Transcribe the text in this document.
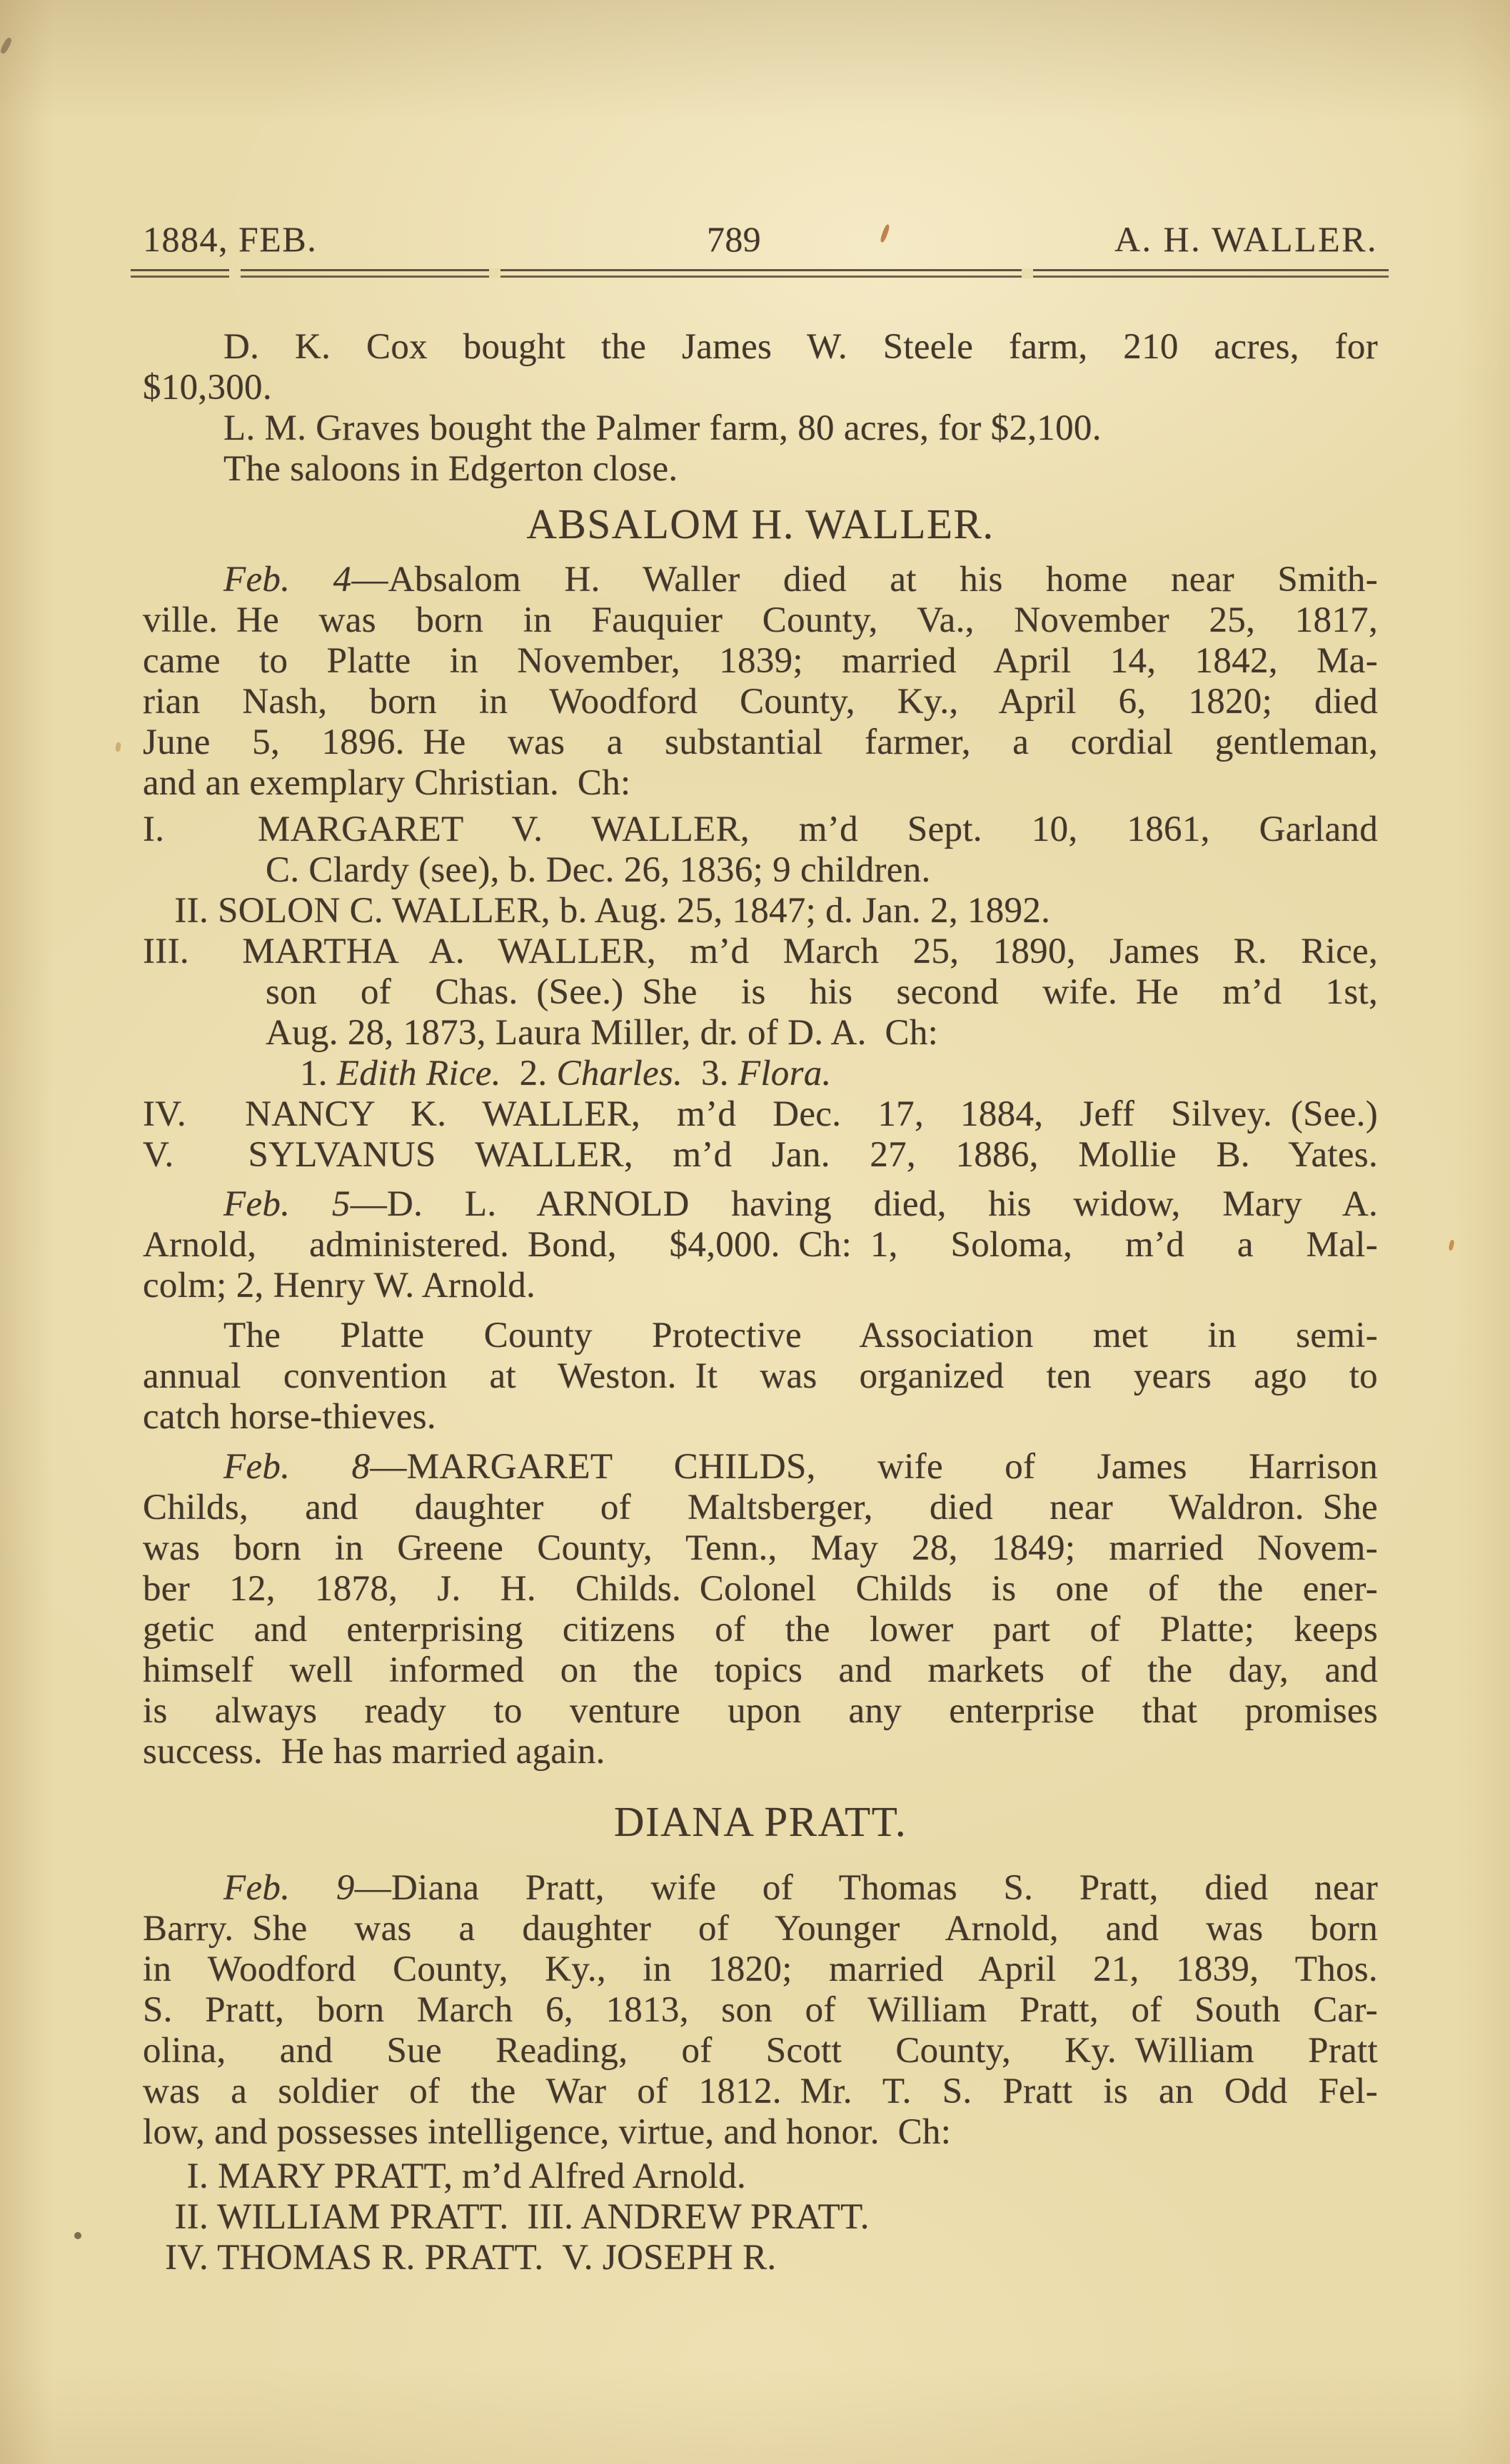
1884, FEB.	789	A. H. WALLER.
D. K. Cox bought the James W. Steele farm, 210 acres, for
$10,300.
L. M. Graves bought the Palmer farm, 80 acres, for $2,100.
The saloons in Edgerton close.
ABSALOM H. WALLER.
Feb. 4—Absalom H. Waller died at his home near Smith-
ville. He was born in Fauquier County, Va., November 25, 1817,
came to Platte in November, 1839; married April 14, 1842, Ma-
rian Nash, born in Woodford County, Ky., April 6, 1820; died
June 5, 1896. He was a substantial farmer, a cordial gentleman,
and an exemplary Christian. Ch:
I.	MARGARET V. WALLER, m’d Sept. 10, 1861, Garland
C. Clardy (see), b. Dec. 26, 1836; 9 children.
II. SOLON C. WALLER, b. Aug. 25, 1847; d. Jan. 2, 1892.
III. MARTHA A. WALLER, m’d March 25, 1890, James R. Rice,
son of Chas. (See.) She is his second wife. He m’d 1st,
Aug. 28, 1873, Laura Miller, dr. of D. A. Ch:
1. Edith Rice. 2. Charles. 3. Flora.
IV. NANCY K. WALLER, m’d Dec. 17, 1884, Jeff Silvey. (See.)
V. SYLVANUS WALLER, m’d Jan. 27, 1886, Mollie B. Yates.
Feb. 5—D. L. ARNOLD having died, his widow, Mary A.
Arnold, administered. Bond, $4,000. Ch: 1, Soloma, m’d a Mal-
colm; 2, Henry W. Arnold.
The Platte County Protective Association met in semi-
annual convention at Weston. It was organized ten years ago to
catch horse-thieves.
Feb. 8—MARGARET CHILDS, wife of James Harrison
Childs, and daughter of Maltsberger, died near Waldron. She
was born in Greene County, Tenn., May 28, 1849; married Novem-
ber 12, 1878, J. H. Childs. Colonel Childs is one of the ener-
getic and enterprising citizens of the lower part of Platte; keeps
himself well informed on the topics and markets of the day, and
is always ready to venture upon any enterprise that promises
success. He has married again.
DIANA PRATT.
Feb. 9—Diana Pratt, wife of Thomas S. Pratt, died near
Barry. She was a daughter of Younger Arnold, and was born
in Woodford County, Ky., in 1820; married April 21, 1839, Thos.
S. Pratt, born March 6, 1813, son of William Pratt, of South Car-
olina, and Sue Reading, of Scott County, Ky. William Pratt
was a soldier of the War of 1812. Mr. T. S. Pratt is an Odd Fel-
low, and possesses intelligence, virtue, and honor. Ch:
I. MARY PRATT, m’d Alfred Arnold.
II. WILLIAM PRATT. III. ANDREW PRATT.
IV. THOMAS R. PRATT. V. JOSEPH R.
